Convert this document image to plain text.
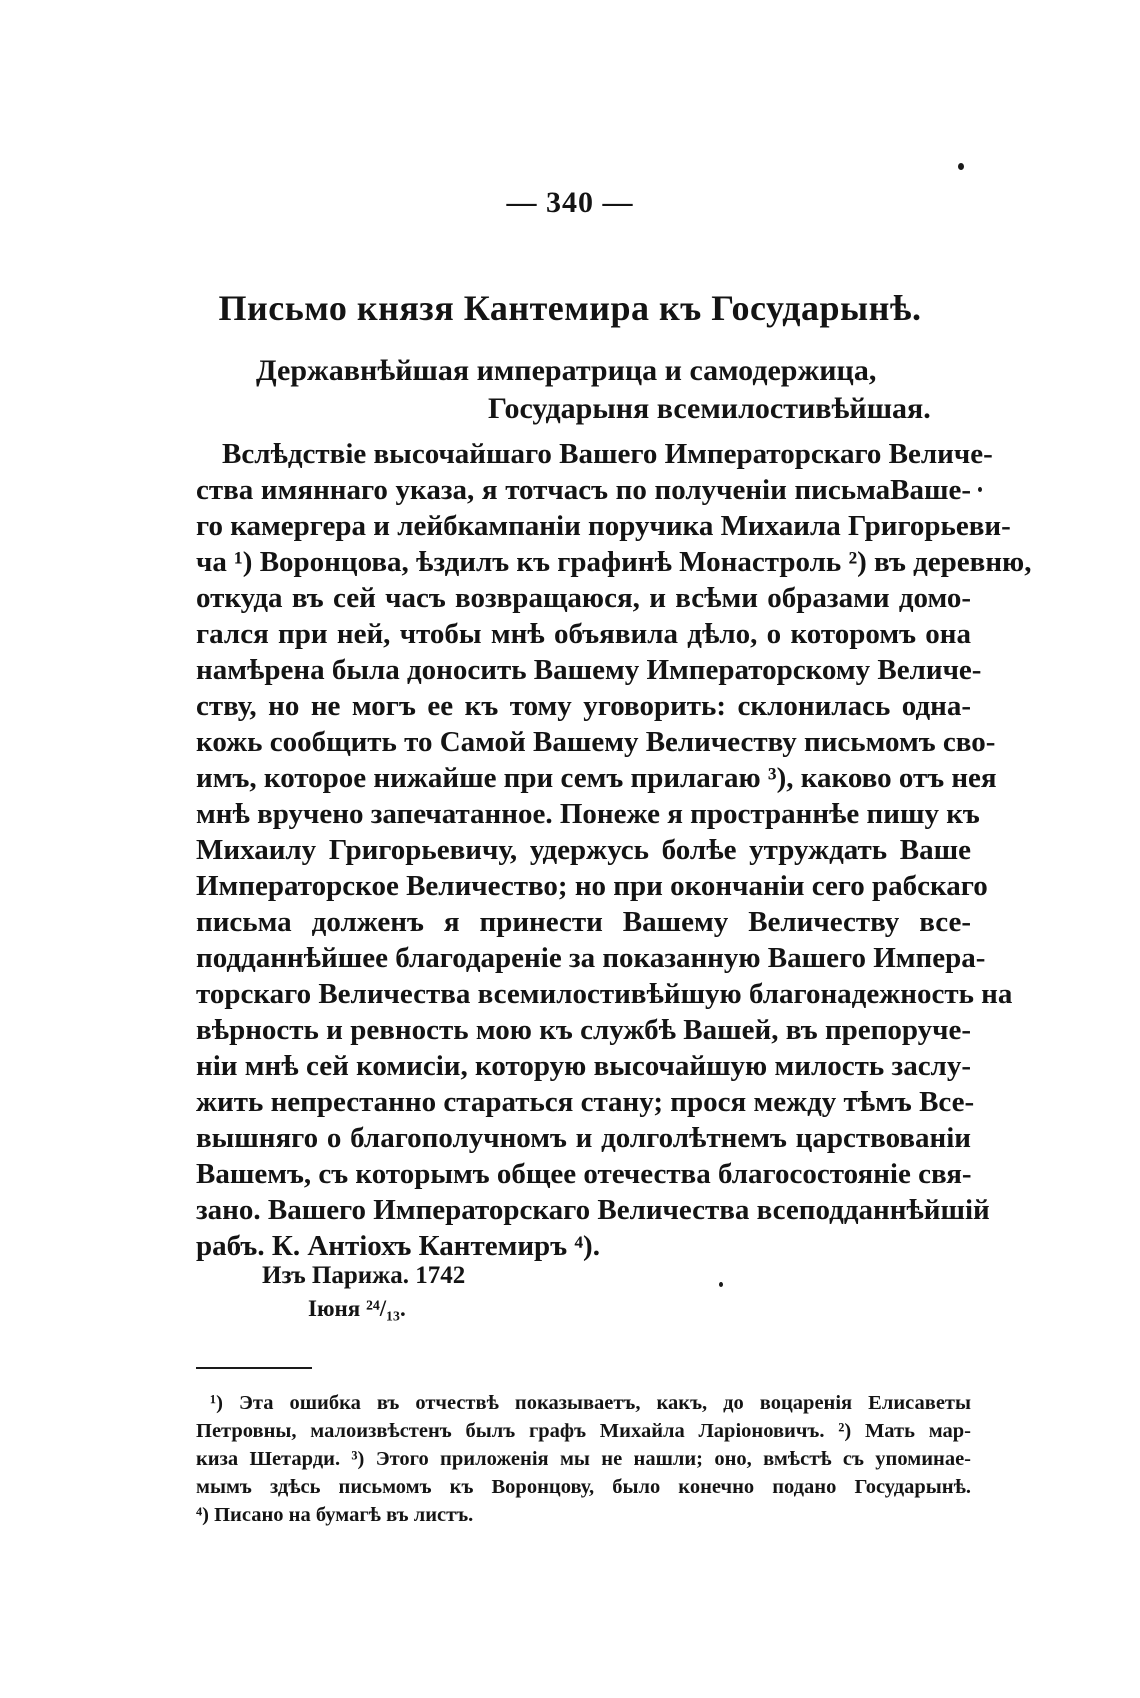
— 340 —
Письмо князя Кантемира къ Государынѣ.
Державнѣйшая императрица и самодержица,
Государыня всемилостивѣйшая.
Вслѣдствіе высочайшаго Вашего Императорскаго Величе-
ства имяннаго указа, я тотчасъ по полученіи письмаВаше-
го камергера и лейбкампаніи поручика Михаила Григорьеви-
ча ¹) Воронцова, ѣздилъ къ графинѣ Монастроль ²) въ деревню,
откуда въ сей часъ возвращаюся, и всѣми образами домо-
гался при ней, чтобы мнѣ объявила дѣло, о которомъ она
намѣрена была доносить Вашему Императорскому Величе-
ству, но не могъ ее къ тому уговорить: склонилась одна-
кожь сообщить то Самой Вашему Величеству письмомъ сво-
имъ, которое нижайше при семъ прилагаю ³), каково отъ нея
мнѣ вручено запечатанное. Понеже я пространнѣе пишу къ
Михаилу Григорьевичу, удержусь болѣе утруждать Ваше
Императорское Величество; но при окончаніи сего рабскаго
письма долженъ я принести Вашему Величеству все-
подданнѣйшее благодареніе за показанную Вашего Импера-
торскаго Величества всемилостивѣйшую благонадежность на
вѣрность и ревность мою къ службѣ Вашей, въ препоруче-
ніи мнѣ сей комисіи, которую высочайшую милость заслу-
жить непрестанно стараться стану; прося между тѣмъ Все-
вышняго о благополучномъ и долголѣтнемъ царствованіи
Вашемъ, съ которымъ общее отечества благосостояніе свя-
зано. Вашего Императорскаго Величества всеподданнѣйшій
рабъ. К. Антіохъ Кантемиръ ⁴).
Изъ Парижа. 1742
Іюня ²⁴/₁₃.
¹) Эта ошибка въ отчествѣ показываетъ, какъ, до воцаренія Елисаветы
Петровны, малоизвѣстенъ былъ графъ Михайла Ларіоновичъ. ²) Мать мар-
киза Шетарди. ³) Этого приложенія мы не нашли; оно, вмѣстѣ съ упоминае-
мымъ здѣсь письмомъ къ Воронцову, было конечно подано Государынѣ.
⁴) Писано на бумагѣ въ листъ.
